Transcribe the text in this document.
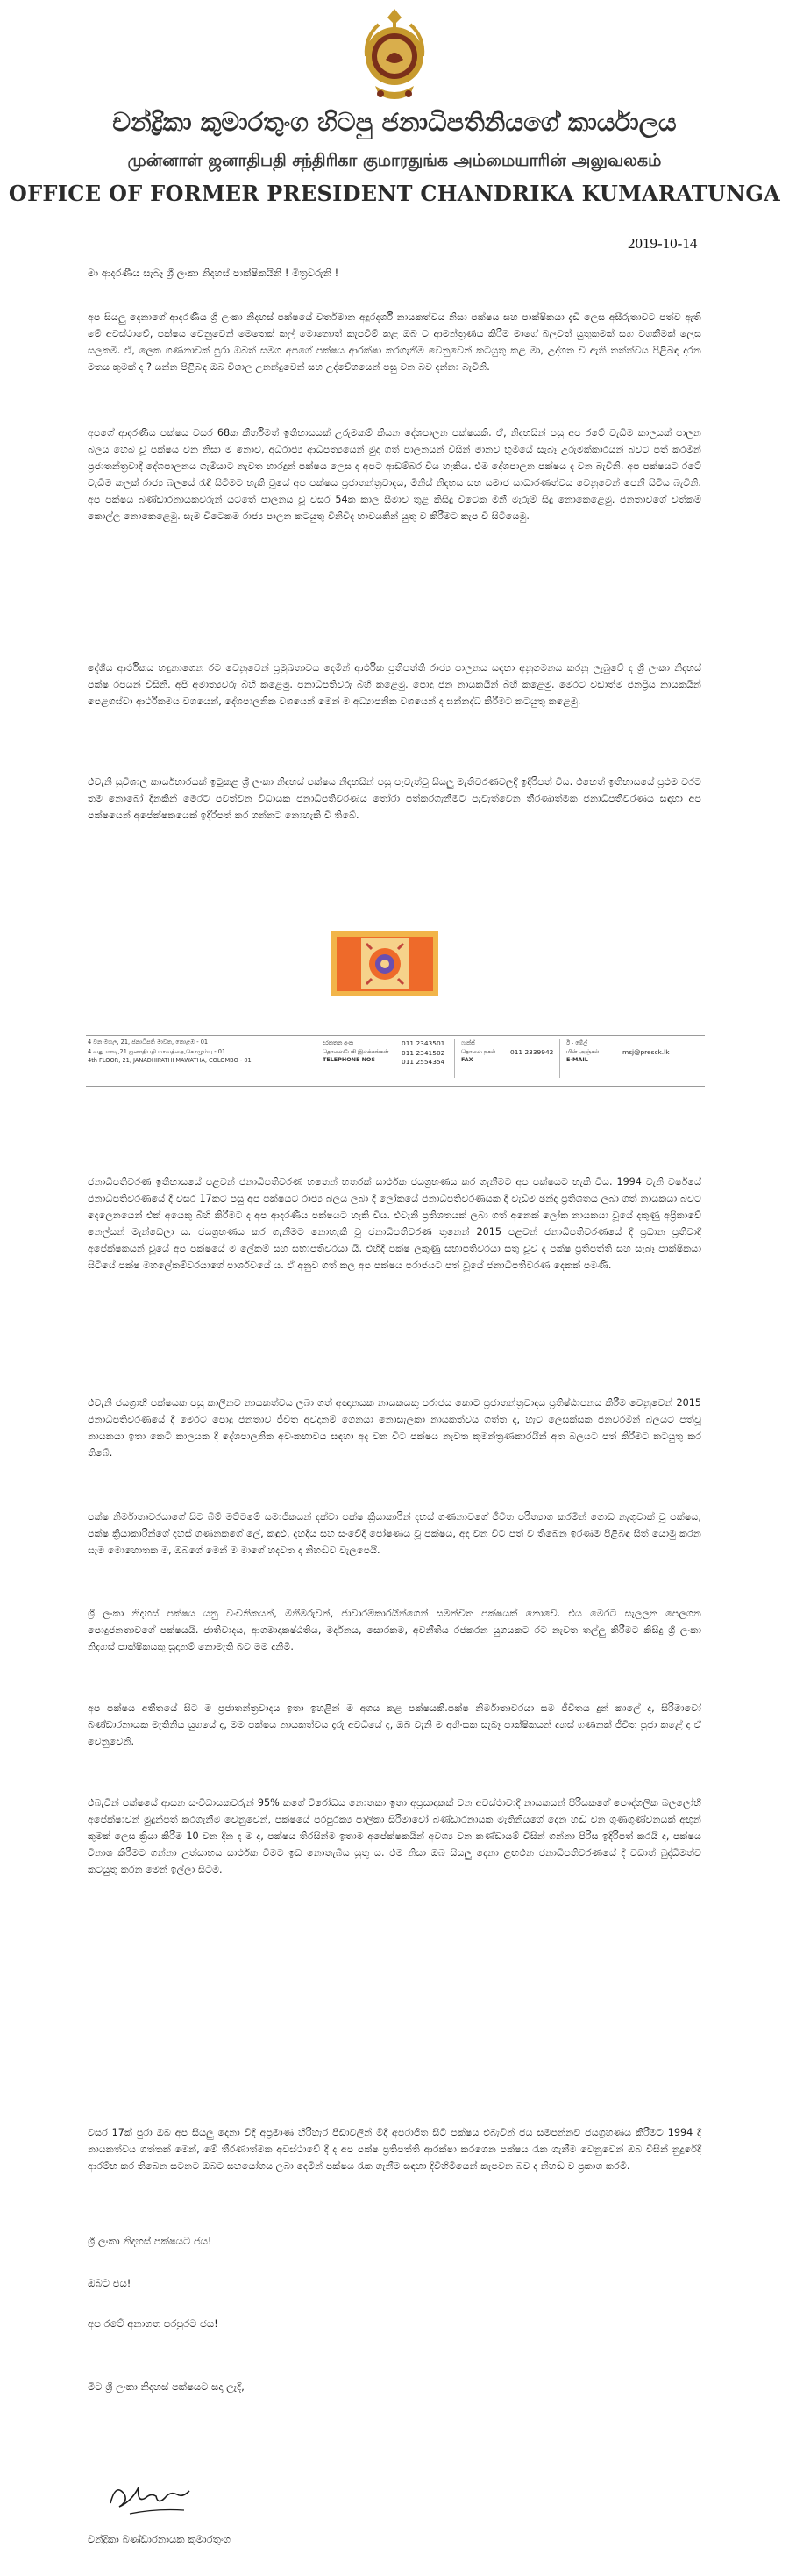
චන්ද්‍රිකා කුමාරතුංග හිටපු ජනාධිපතිනියගේ කාර්යාලය
முன்னாள் ஜனாதிபதி சந்திரிகா குமாரதுங்க அம்மையாரின் அலுவலகம்
OFFICE OF FORMER PRESIDENT CHANDRIKA KUMARATUNGA
2019-10-14
මා ආදරණීය සැබෑ ශ්‍රී ලංකා නිදහස් පාක්ෂිකයිනි ! මිත්‍රවරුනි !

අප සියලු දෙනාගේ ආදරණීය ශ්‍රී ලංකා නිදහස් පක්ෂයේ වර්තමාන අදූරදර්ශී නායකත්වය නිසා පක්ෂය සහ පාක්ෂිකයා දැඩි ලෙස අසීරුතාවට පත්ව ඇති මේ අවස්ථාවේ, පක්ෂය වෙනුවෙන් මෙතෙක් කල් මොනොත් කැපවීම් කළ ඔබ ට ආමන්ත්‍රණය කිරීම මාගේ බලවත් යුතුකමක් සහ වගකීමක් ලෙස සලකමි. ඒ, ලෙක ගණනාවක් පුරා ඔබත් සමග අපගේ පක්ෂය ආරක්ෂා කරගැනීම වෙනුවෙන් කටයුතු කළ මා, උද්ගත වී ඇති තත්ත්වය පිළිබඳ දරන මතය කුමක් ද ? යන්න පිළිබඳ ඔබ විශාල උනන්දුවෙන් සහ උද්වේගයෙන් පසු වන බව දන්නා බැවිනි.

අපගේ ආදරණීය පක්ෂය වසර 68ක කීර්තිමත් ඉතිහාසයක් උරුමකම් කියන දේශපාලන පක්ෂයකි. ඒ, නිදහසින් පසු අප රටේ වැඩිම කාලයක් පාලන බලය හෙබ වූ පක්ෂය වන නිසා ම නොව, අධිරාජ්‍ය ආධිපත්‍යයෙන් මුදා ගත් පාලනයන් විසින් මානව භූමියේ සැබෑ උරුමක්කාරයන් බවට පත් කරමින් ප්‍රජාතන්ත්‍රවාදී දේශපාලනය ගැමියාට නැවත භාරදුන් පක්ෂය ලෙස ද අපට ආඩම්බර විය හැකිය. එම දේශපාලන පක්ෂය ද වන බැවිනි. අප පක්ෂයට රටේ වැඩිම කලක් රාජ්‍ය බලයේ රැඳී සිටීමට හැකි වූයේ අප පක්ෂය ප්‍රජාතන්ත්‍රවාදය, මිනිස් නිදහස සහ සමාජ සාධාරණත්වය වෙනුවෙන් පෙනී සිටිය බැවිනි. අප පක්ෂය බණ්ඩාරනායකවරුන් යටතේ පාලනය වූ වසර 54ක කාල සීමාව තුළ කිසිදු විටෙක මිනී මැරුම් සිදු නොකෙළෙමු. ජනතාවගේ වත්කම් කොල්ල නොකෙළෙමු. සැම විටෙකම රාජ්‍ය පාලන කටයුතු විනිවිද භාවයකින් යුතු ව කිරීමට කැප වී සිටියෙමු.

දේශීය ආර්ථිකය හඳුනාගෙන රට වෙනුවෙන් ප්‍රමුඛතාවය දෙමින් ආර්ථික ප්‍රතිපත්ති රාජ්‍ය පාලනය සඳහා අනුගමනය කරනු ලැබුවේ ද ශ්‍රී ලංකා නිදහස් පක්ෂ රජයන් විසිනි. අපි අමාත්‍යවරු බිහි කළෙමු. ජනාධිපතිවරු බිහි කළෙමු. පොදු ජන නායකයින් බිහි කළෙමු. මෙරට වඩාත්ම ජනප්‍රිය නායකයින් පෙළගස්වා ආර්ථිකමය වශයෙන්, දේශපාලනික වශයෙන් මෙන් ම අධ්‍යාපනික වශයෙන් ද සන්නද්ධ කිරීමට කටයුතු කළෙමු.

එවැනි සුවිශාල කාර්යභාරයක් ඉටුකළ ශ්‍රී ලංකා නිදහස් පක්ෂය නිදහසින් පසු පැවැත්වූ සියලු මැතිවරණවලදී ඉදිරිපත් විය. එහෙත් ඉතිහාසයේ ප්‍රථම වරට තම නොබෝ දිනකින් මෙරට පවත්වන විධායක ජනාධිපතිවරණය තෝරා පත්කරගැනීමට පැවැත්වෙන තීරණාත්මක ජනාධිපතිවරණය සඳහා අප පක්ෂයෙන් අපේක්ෂකයෙක් ඉදිරිපත් කර ගන්නට නොහැකි වී තිබේ.

4 වන මහල, 21, ජනාධිපති මාවත, කොළඹ - 01
4 வது மாடி,21 ஜனாதிபதி மாவத்தை,கொழும்பு - 01
4th FLOOR, 21, JANADHIPATHI MAWATHA, COLOMBO - 01
දුරකතන අංක
தொலைபேசி இலக்கங்கள்
TELEPHONE NOS
011 2343501
011 2341502
011 2554354
ෆැක්ස්
தொலை நகல்
FAX
011 2339942
ඊ - මේල්
மின் அஞ்சல்
E-MAIL
msj@presck.lk

ජනාධිපතිවරණ ඉතිහාසයේ පළවන් ජනාධිපතිවරණ හතෙන් හතරක් සාර්ථක ජයග්‍රහණය කර ගැනීමට අප පක්ෂයට හැකි විය. 1994 වැනි වර්ෂයේ ජනාධිපතිවරණයේ දී වසර 17කට පසු අප පක්ෂයට රාජ්‍ය බලය ලබා දී ලෝකයේ ජනාධිපතිවරණයක දී වැඩිම ඡන්ද ප්‍රතිශතය ලබා ගත් නායකයා බවට දෙලෙනයෙන් එක් අයෙකු බිහි කිරීමට ද අප ආදරණීය පක්ෂයට හැකි විය. එවැනි ප්‍රතිශතයක් ලබා ගත් අනෙක් ලෝක නායකයා වූයේ දකුණු අප්‍රිකාවේ නෙල්සන් මැන්ඩෙලා ය. ජයග්‍රහණය කර ගැනීමට නොහැකි වූ ජනාධිපතිවරණ තුනෙන් 2015 පළවන් ජනාධිපතිවරණයේ දී ප්‍රධාන ප්‍රතිවාදී අපේක්ෂකයන් වූයේ අප පක්ෂයේ ම ලේකම් සහ සභාපතිවරයා යි. එහිදී පක්ෂ ලකුණු සභාපතිවරයා සතු වූව ද පක්ෂ ප්‍රතිපත්ති සහ සැබෑ පාක්ෂිකයා සිටියේ පක්ෂ මහලේකම්වරයාගේ පාර්ශවයේ ය. ඒ අනුව ගත් කල අප පක්ෂය පරාජයට පත් වූයේ ජනාධිපතිවරණ දෙකක් පමණි.

එවැනි ජයග්‍රාහී පක්ෂයක පසු කාලීනව නායකත්වය ලබා ගත් අඥානයක නායකයකු පරාජය කොට ප්‍රජාතන්ත්‍රවාදය ප්‍රතිෂ්ඨාපනය කිරීම වෙනුවෙන් 2015 ජනාධිපතිවරණයේ දී මෙරට පොදු ජනතාව ජීවිත අවදානම් ගෙනයා නොසැලකා නායකත්වය ගත්ත ද, හැට ලෙසක්සක ජනවරමින් බලයට පත්වූ නායකයා ඉතා කෙටි කාලයක දී දේශපාලනික අවංකභාවය සඳහා අද වන විට පක්ෂය නැවත කුමන්ත්‍රණකාරයින් අත බලයට පත් කිරීමට කටයුතු කර තිබේ.

පක්ෂ නිර්මාතෘවරයාගේ සිට බිම් මට්ටමේ සමාජිකයන් දක්වා පක්ෂ ක්‍රියාකාරින් දහස් ගණනාවගේ ජීවිත පරිත්‍යාග කරමින් ගොඩ නැගුවාක් වූ පක්ෂය, පක්ෂ ක්‍රියාකාරීන්ගේ දහස් ගණනකගේ ලේ, කඳුළු, දහදිය සහ සංවේදී පෝෂණය වූ පක්ෂය, අද වන විට පත් ව තිබෙන ඉරණම පිළිබඳ සිත් යොමු කරන සැම මොහොතක ම, ඔබගේ මෙන් ම මාගේ හදවත ද නිහඬව වැලපෙයි.

ශ්‍රී ලංකා නිදහස් පක්ෂය යනු වංචනිකයන්, මිනීමරුවන්, ජාවාරම්කාරයින්ගෙන් සමන්විත පක්ෂයක් නොවේ. එය මෙරට සැලලන පෙලගන පොදුජනතාවගේ පක්ෂයයි. ජාතිවාදය, ආගමාදාකෂ්ඨතිය, මර්දනය, සොරකම, අවනීතිය රජකරන යුගයකට රට නැවත තල්ලු කිරීමට කිසිදු ශ්‍රී ලංකා නිදහස් පාක්ෂිකයකු සූදානම් නොමැති බව මම දනිමි.

අප පක්ෂය අතීතයේ සිට ම ප්‍රජාතන්ත්‍රවාදය ඉතා ඉහළින් ම අගය කළ පක්ෂයකි.පක්ෂ නිර්මාතෘවරයා සම ජීවිතය දුන් කාලේ ද, සිරිමාවෝ බණ්ඩාරනායක මැතිනිය යුගයේ ද, මම පක්ෂය නායකත්වය දැරු අවධියේ ද, ඔබ වැනි ම අහිංසක සැබෑ පාක්ෂිකයන් දහස් ගණනක් ජීවිත පූජා කළේ ද ඒ වෙනුවෙනි.

එබැවින් පක්ෂයේ ආසන සංවිධායකවරුන් 95% කගේ විරෝධය නොතකා ඉතා අප්‍රසාදාකක් වන අවස්ථාවාදී නායකයන් පිරිසකගේ පෞද්ගලික බලලෝභී අපේක්ෂාවන් මුදුන්පත් කරගැනීම වෙනුවෙන්, පක්ෂයේ පරපුරක්‍ය පාලිකා සිරිමාවෝ බණ්ඩාරනායක මැතිනියගේ දෙන හඬ වන ගුණගුණ්වනයක් අභුන් කුමක් ලෙස ක්‍රියා කිරීම 10 වන දින ද ම ද, පක්ෂය තිරසින්ම ඉතාම අපේක්ෂකයින් අවශ්‍ය වන කණ්ඩායම් විසින් ගන්නා පිරිස ඉදිරිපත් කරයි ද, පක්ෂය විනාශ කිරීමට ගන්නා උත්සාහය සාර්ථක වීමට ඉඩ නොතැබිය යුතු ය. එම නිසා ඔබ සියලු දෙනා ළඟඑන ජනාධිපතිවරණයේ දී වඩාත් බුද්ධිමත්ව කටයුතු කරන මෙන් ඉල්ලා සිටිමි.

වසර 17ක් පුරා ඔබ අප සියලු දෙනා විදි අප්‍රමාණ හිරිහැර පීඩාවලින් මිදී අපරාජිත සිටි පක්ෂය එබැවින් ජය සමපන්නව ජයග්‍රහණය කිරීමට 1994 දී නායකත්වය ගත්තක් මෙන්, මේ තීරණාත්මක අවස්ථාවේ දී ද අප පක්ෂ ප්‍රතිපත්ති ආරක්ෂා කරගෙන පක්ෂය රැක ගැනීම වෙනුවෙන් ඔබ විසින් නුදුරේදී ආරම්භ කර තිබෙන සටනට ඔබට සහයෝගය ලබා දෙමින් පක්ෂය රැක ගැනීම සඳහා දිවිහිමියෙන් කැපවන බව ද නිහඬ ව ප්‍රකාශ කරමි.

ශ්‍රී ලංකා නිදහස් පක්ෂයට ජය!
ඔබට ජය!
අප රටේ අනාගත පරපුරට ජය!
මීට ශ්‍රී ලංකා නිදහස් පක්ෂයට සදා ලැදි,
චන්ද්‍රිකා බණ්ඩාරනායක කුමාරතුංග
